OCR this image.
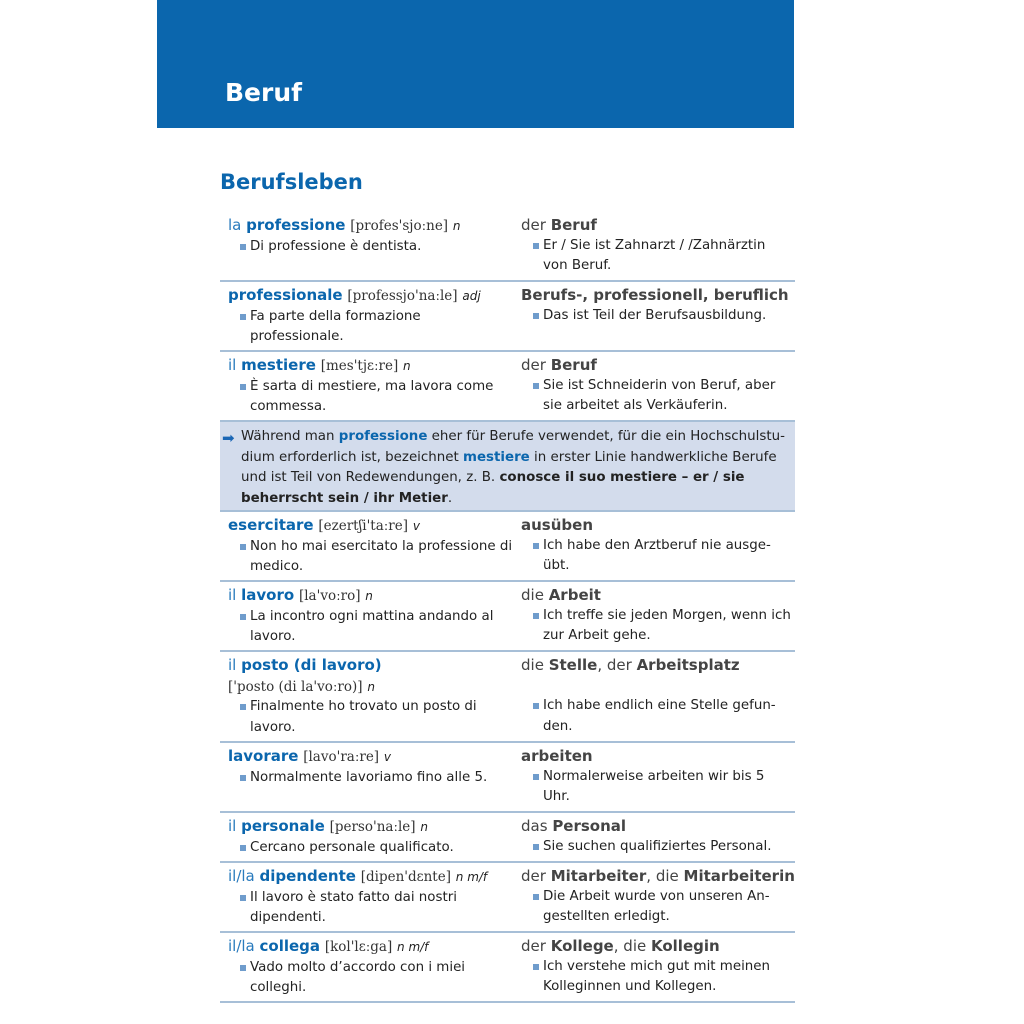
Beruf
Berufsleben
la professione [profes'sjoːne] n
Di professione è dentista.
der Beruf
Er / Sie ist Zahnarzt / /Zahnärztin von Beruf.
professionale [professjo'naːle] adj
Fa parte della formazione professionale.
Berufs-, professionell, beruflich
Das ist Teil der Berufsausbildung.
il mestiere [mes'tjɛːre] n
È sarta di mestiere, ma lavora come commessa.
der Beruf
Sie ist Schneiderin von Beruf, aber sie arbeitet als Verkäuferin.
➡ Während man professione eher für Berufe verwendet, für die ein Hochschulstu-dium erforderlich ist, bezeichnet mestiere in erster Linie handwerkliche Berufe und ist Teil von Redewendungen, z. B. conosce il suo mestiere – er / sie beherrscht sein / ihr Metier.
esercitare [ezertʃi'taːre] v
Non ho mai esercitato la professione di medico.
ausüben
Ich habe den Arztberuf nie ausge-übt.
il lavoro [la'voːro] n
La incontro ogni mattina andando al lavoro.
die Arbeit
Ich treffe sie jeden Morgen, wenn ich zur Arbeit gehe.
il posto (di lavoro)
['posto (di la'voːro)] n
Finalmente ho trovato un posto di lavoro.
die Stelle, der Arbeitsplatz

Ich habe endlich eine Stelle gefun-den.
lavorare [lavo'raːre] v
Normalmente lavoriamo fino alle 5.
arbeiten
Normalerweise arbeiten wir bis 5 Uhr.
il personale [perso'naːle] n
Cercano personale qualificato.
das Personal
Sie suchen qualifiziertes Personal.
il/la dipendente [dipen'dɛnte] n m/f
Il lavoro è stato fatto dai nostri dipendenti.
der Mitarbeiter, die Mitarbeiterin
Die Arbeit wurde von unseren An-gestellten erledigt.
il/la collega [kol'lɛːga] n m/f
Vado molto d’accordo con i miei colleghi.
der Kollege, die Kollegin
Ich verstehe mich gut mit meinen Kolleginnen und Kollegen.
